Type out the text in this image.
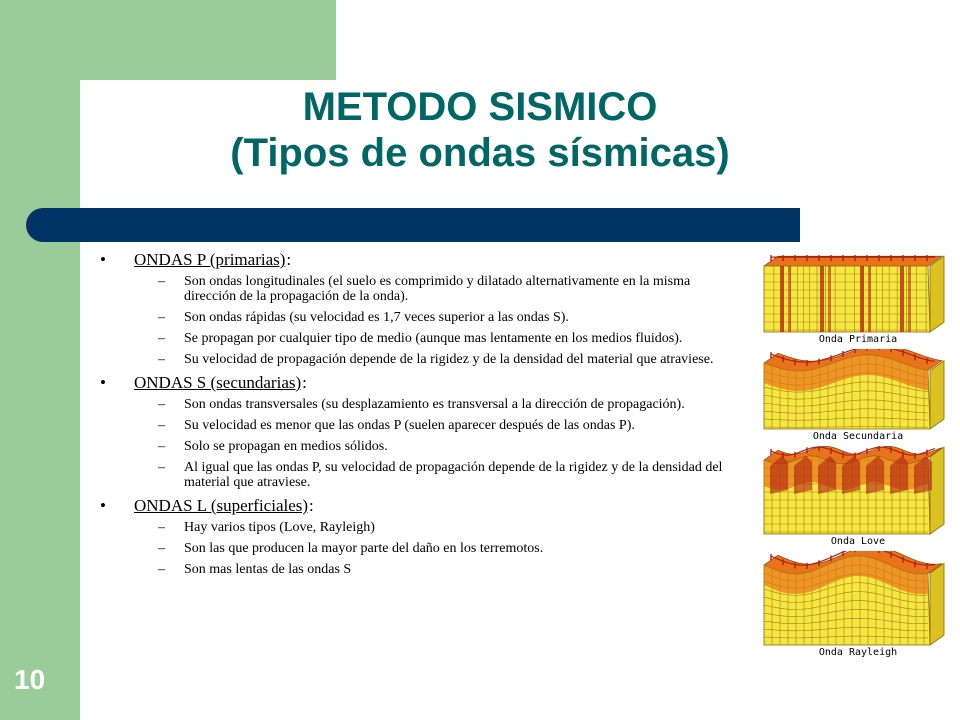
METODO SISMICO
(Tipos de ondas sísmicas)
10
•	ONDAS P (primarias):
–	Son ondas longitudinales (el suelo es comprimido y dilatado alternativamente en la misma dirección de la propagación de la onda).
–	Son ondas rápidas (su velocidad es 1,7 veces superior a las ondas S).
–	Se propagan por cualquier tipo de medio (aunque mas lentamente en los medios fluidos).
–	Su velocidad de propagación depende de la rigidez y de la densidad del material que atraviese.
•	ONDAS S (secundarias):
–	Son ondas transversales (su desplazamiento es transversal a la dirección de propagación).
–	Su velocidad es menor que las ondas P (suelen aparecer después de las ondas P).
–	Solo se propagan en medios sólidos.
–	Al igual que las ondas P, su velocidad de propagación depende de la rigidez y de la densidad del material que atraviese.
•	ONDAS L (superficiales):
–	Hay varios tipos (Love, Rayleigh)
–	Son las que producen la mayor parte del daño en los terremotos.
–	Son mas lentas de las ondas S
Onda Primaria
Onda Secundaria
Onda Love
Onda Rayleigh
